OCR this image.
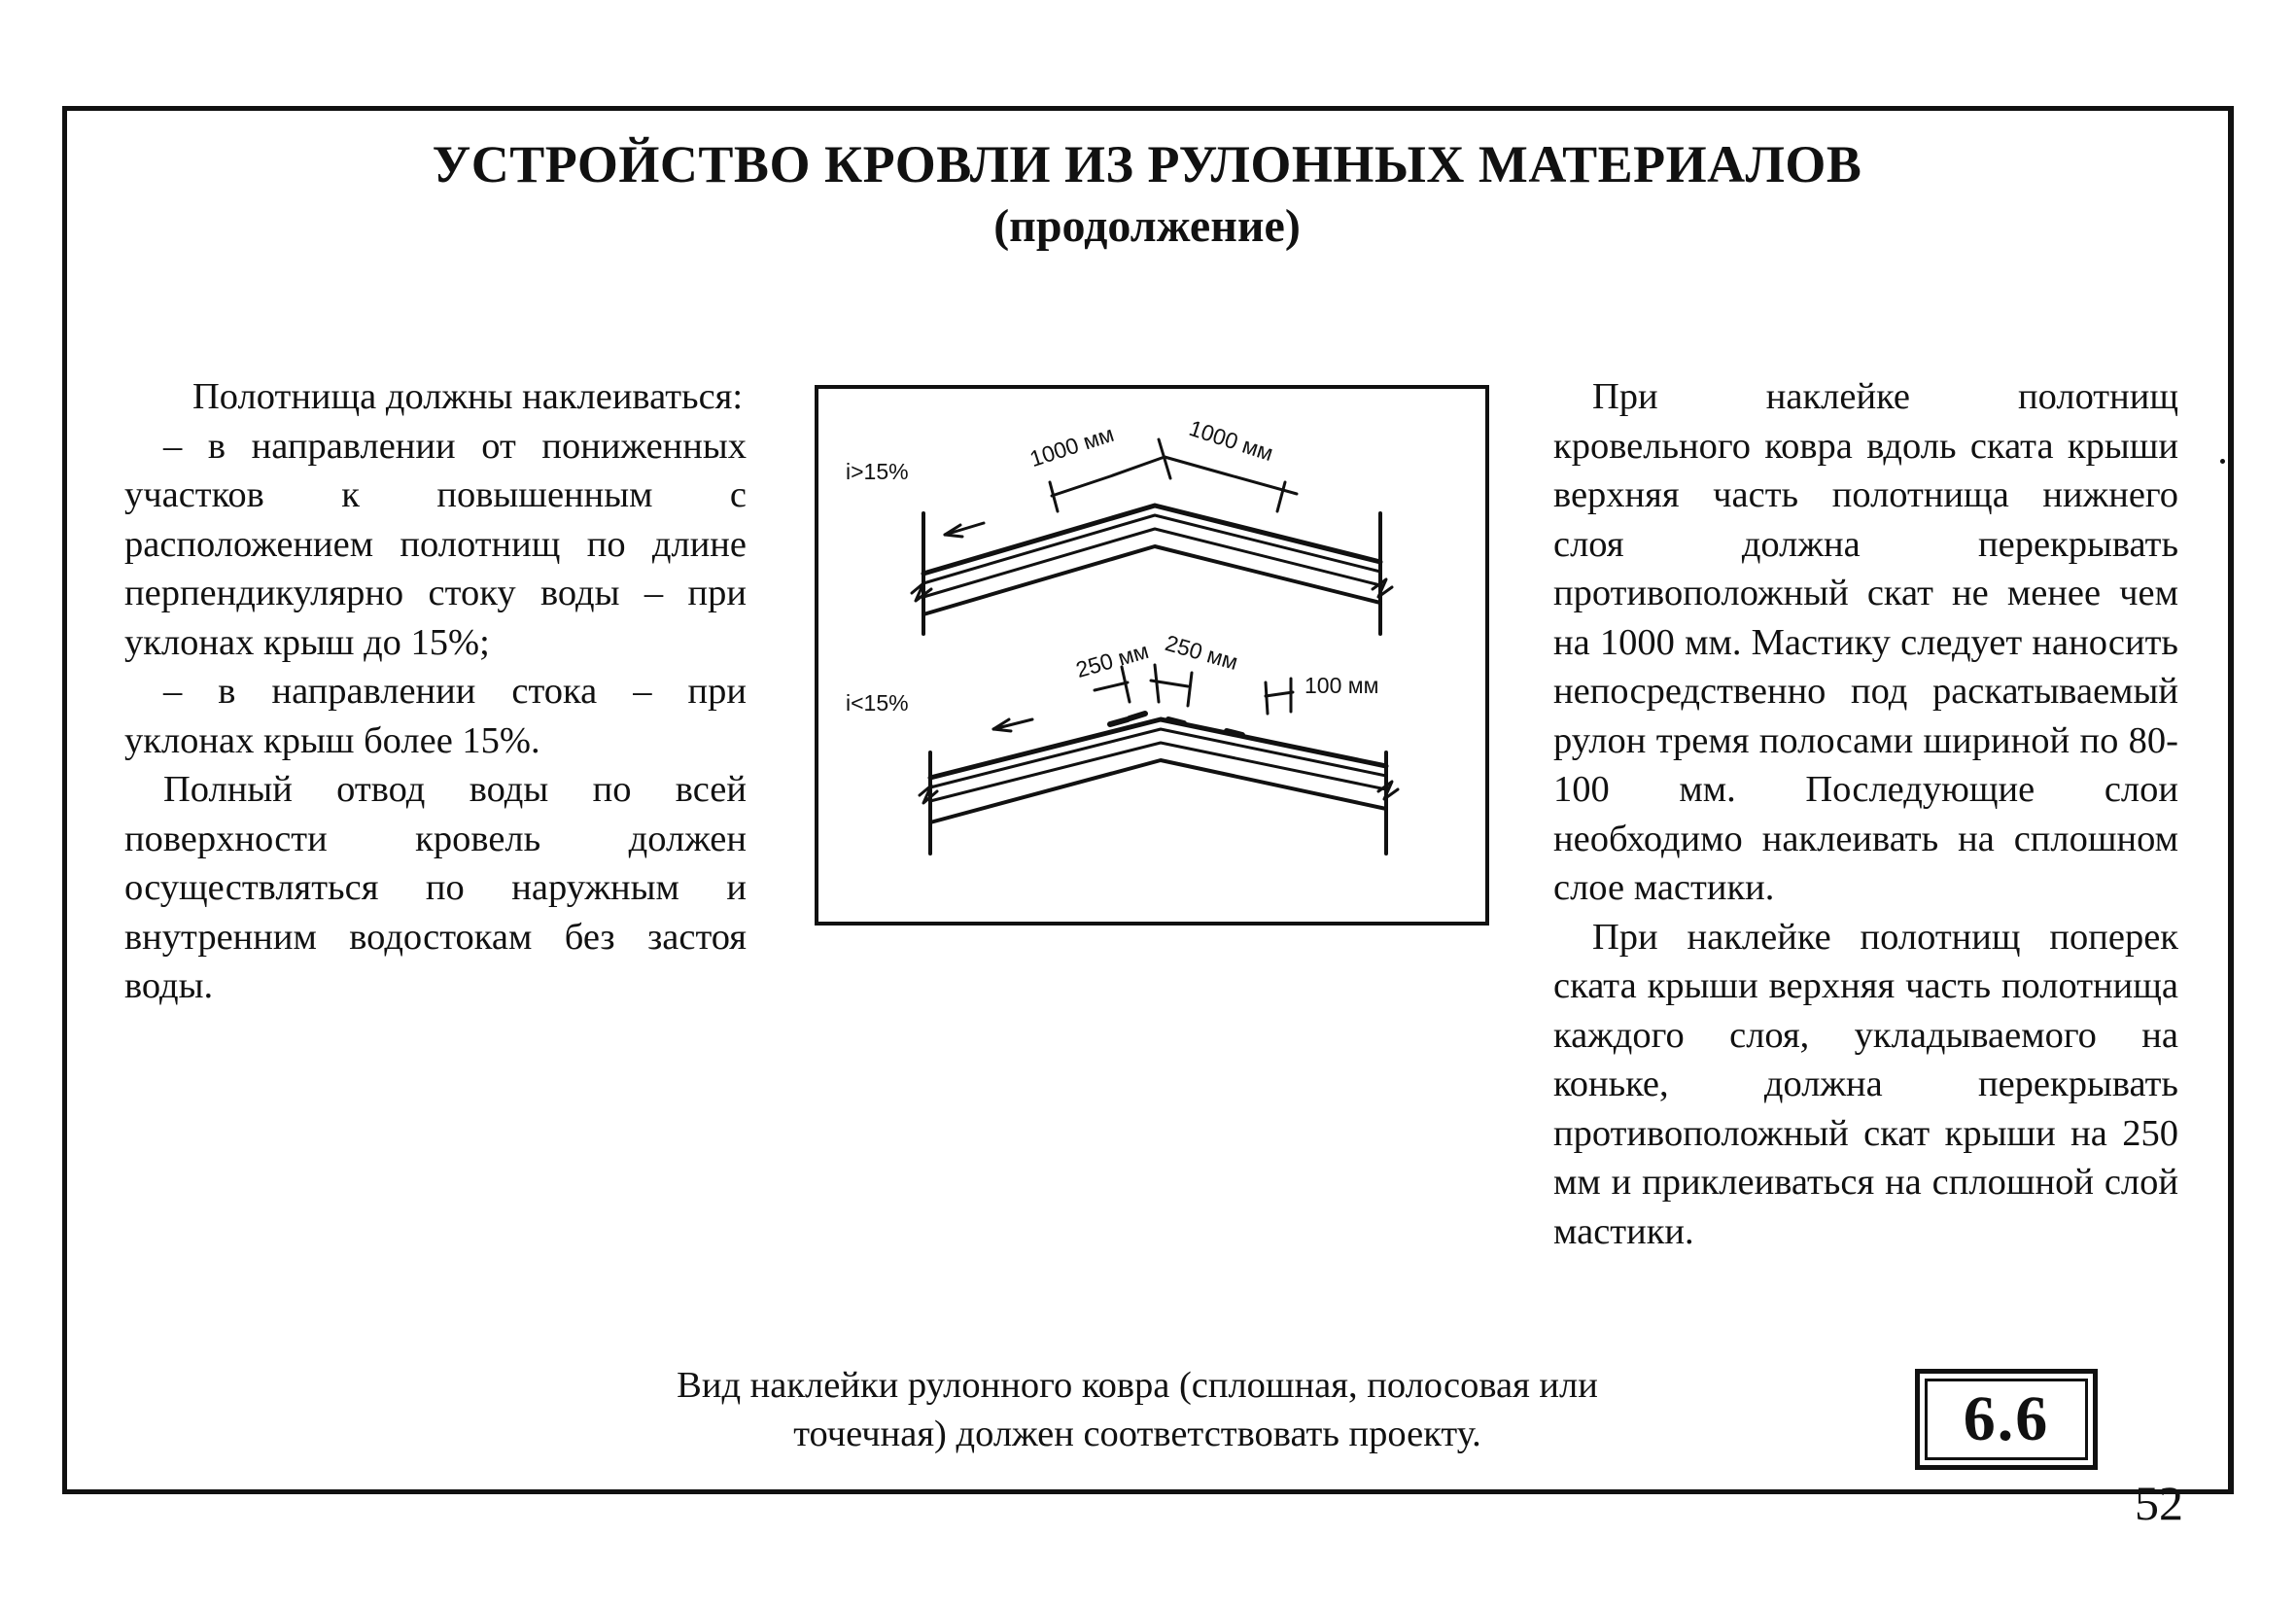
УСТРОЙСТВО КРОВЛИ ИЗ РУЛОННЫХ МАТЕРИАЛОВ
(продолжение)

Полотнища должны наклеиваться:

– в направлении от пониженных участков к повышенным с расположением полотнищ по длине перпендикулярно стоку воды – при уклонах крыш до 15%;

– в направлении стока – при уклонах крыш более 15%.

Полный отвод воды по всей поверхности кровель должен осуществляться по наружным и внутренним водостокам без застоя воды.

i>15%
i<15%
1000 мм	1000 мм
250 мм 250 мм
100 мм

При наклейке полотнищ кровельного ковра вдоль ската крыши верхняя часть полотнища нижнего слоя должна перекрывать противоположный скат не менее чем на 1000 мм. Мастику следует наносить непосредственно под раскатываемый рулон тремя полосами шириной по 80-100 мм. Последующие слои необходимо наклеивать на сплошном слое мастики.

При наклейке полотнищ поперек ската крыши верхняя часть полотнища каждого слоя, укладываемого на коньке, должна перекрывать противоположный скат крыши на 250 мм и приклеиваться на сплошной слой мастики.

Вид наклейки рулонного ковра (сплошная, полосовая или точечная) должен соответствовать проекту.	6.6
52
